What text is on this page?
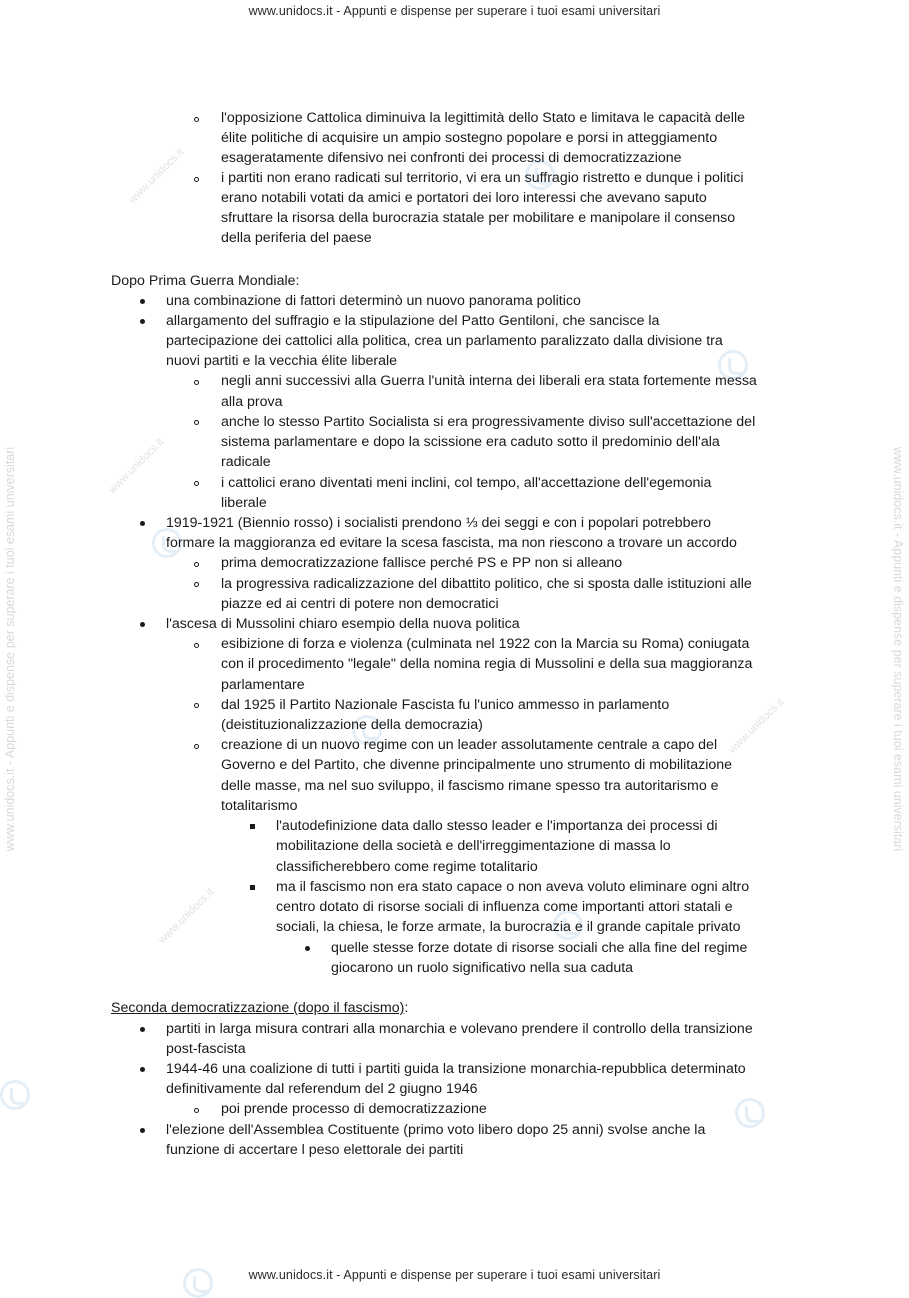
www.unidocs.it - Appunti e dispense per superare i tuoi esami universitari
www.unidocs.it - Appunti e dispense per superare i tuoi esami universitari
www.unidocs.it - Appunti e dispense per superare i tuoi esami universitari	www.unidocs.it - Appunti e dispense per superare i tuoi esami universitari
www.unidocs.it
www.unidocs.it
www.unidocs.it
www.unidocs.it
l'opposizione Cattolica diminuiva la legittimità dello Stato e limitava le capacità delle
élite politiche di acquisire un ampio sostegno popolare e porsi in atteggiamento
esageratamente difensivo nei confronti dei processi di democratizzazione
i partiti non erano radicati sul territorio, vi era un suffragio ristretto e dunque i politici
erano notabili votati da amici e portatori dei loro interessi che avevano saputo
sfruttare la risorsa della burocrazia statale per mobilitare e manipolare il consenso
della periferia del paese
Dopo Prima Guerra Mondiale:
una combinazione di fattori determinò un nuovo panorama politico
allargamento del suffragio e la stipulazione del Patto Gentiloni, che sancisce la
partecipazione dei cattolici alla politica, crea un parlamento paralizzato dalla divisione tra
nuovi partiti e la vecchia élite liberale
negli anni successivi alla Guerra l'unità interna dei liberali era stata fortemente messa
alla prova
anche lo stesso Partito Socialista si era progressivamente diviso sull'accettazione del
sistema parlamentare e dopo la scissione era caduto sotto il predominio dell'ala
radicale
i cattolici erano diventati meni inclini, col tempo, all'accettazione dell'egemonia
liberale
1919-1921 (Biennio rosso) i socialisti prendono ⅓ dei seggi e con i popolari potrebbero
formare la maggioranza ed evitare la scesa fascista, ma non riescono a trovare un accordo
prima democratizzazione fallisce perché PS e PP non si alleano
la progressiva radicalizzazione del dibattito politico, che si sposta dalle istituzioni alle
piazze ed ai centri di potere non democratici
l'ascesa di Mussolini chiaro esempio della nuova politica
esibizione di forza e violenza (culminata nel 1922 con la Marcia su Roma) coniugata
con il procedimento "legale" della nomina regia di Mussolini e della sua maggioranza
parlamentare
dal 1925 il Partito Nazionale Fascista fu l'unico ammesso in parlamento
(deistituzionalizzazione della democrazia)
creazione di un nuovo regime con un leader assolutamente centrale a capo del
Governo e del Partito, che divenne principalmente uno strumento di mobilitazione
delle masse, ma nel suo sviluppo, il fascismo rimane spesso tra autoritarismo e
totalitarismo
l'autodefinizione data dallo stesso leader e l'importanza dei processi di
mobilitazione della società e dell'irreggimentazione di massa lo
classificherebbero come regime totalitario
ma il fascismo non era stato capace o non aveva voluto eliminare ogni altro
centro dotato di risorse sociali di influenza come importanti attori statali e
sociali, la chiesa, le forze armate, la burocrazia e il grande capitale privato
quelle stesse forze dotate di risorse sociali che alla fine del regime
giocarono un ruolo significativo nella sua caduta
Seconda democratizzazione (dopo il fascismo):
partiti in larga misura contrari alla monarchia e volevano prendere il controllo della transizione
post-fascista
1944-46 una coalizione di tutti i partiti guida la transizione monarchia-repubblica determinato
definitivamente dal referendum del 2 giugno 1946
poi prende processo di democratizzazione
l'elezione dell'Assemblea Costituente (primo voto libero dopo 25 anni) svolse anche la
funzione di accertare l peso elettorale dei partiti
